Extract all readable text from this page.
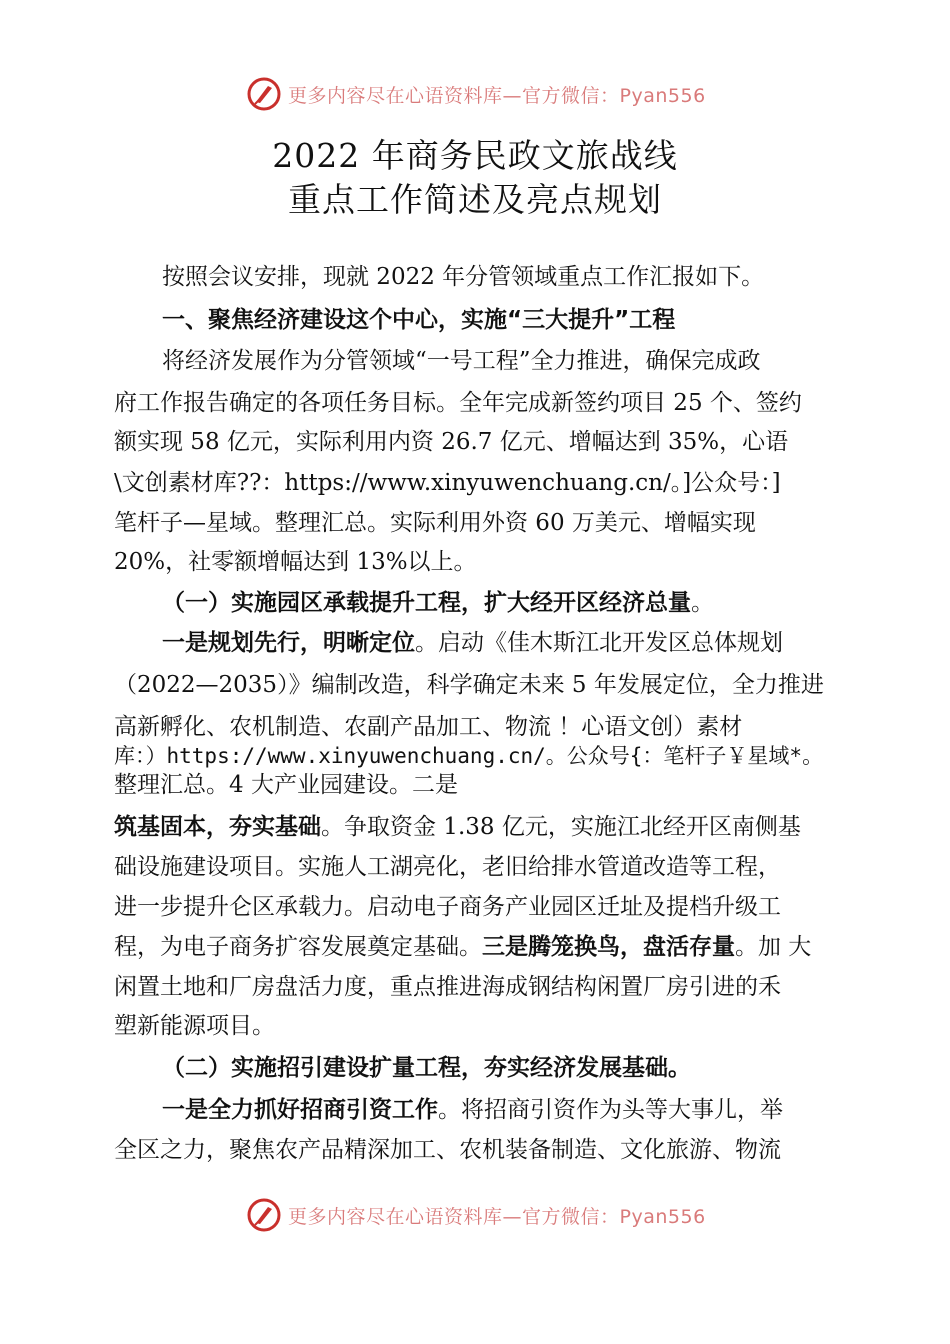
更多内容尽在心语资料库—官方微信：Pyan556
2022 年商务民政文旅战线
重点工作简述及亮点规划
按照会议安排，现就 2022 年分管领域重点工作汇报如下。
一、聚焦经济建设这个中心，实施“三大提升”工程
将经济发展作为分管领域“一号工程”全力推进，确保完成政
府工作报告确定的各项任务目标。全年完成新签约项目 25 个、签约
额实现 58 亿元，实际利用内资 26.7 亿元、增幅达到 35%，心语
\文创素材库??：https://www.xinyuwenchuang.cn/。]公众号：]
笔杆子—星域。整理汇总。实际利用外资 60 万美元、增幅实现
20%，社零额增幅达到 13%以上。
（一）实施园区承载提升工程，扩大经开区经济总量。
一是规划先行，明晰定位。启动《佳木斯江北开发区总体规划
（2022—2035）》编制改造，科学确定未来 5 年发展定位，全力推进
高新孵化、农机制造、农副产品加工、物流 ！心语文创）素材
库：）https://www.xinyuwenchuang.cn/。公众号{：笔杆子￥星域*。
整理汇总。4 大产业园建设。二是
筑基固本，夯实基础。争取资金 1.38 亿元，实施江北经开区南侧基
础设施建设项目。实施人工湖亮化，老旧给排水管道改造等工程，
进一步提升仑区承载力。启动电子商务产业园区迁址及提档升级工
程，为电子商务扩容发展奠定基础。三是腾笼换鸟，盘活存量。加 大
闲置土地和厂房盘活力度，重点推进海成钢结构闲置厂房引进的禾
塑新能源项目。
（二）实施招引建设扩量工程，夯实经济发展基础。
一是全力抓好招商引资工作。将招商引资作为头等大事儿，举
全区之力，聚焦农产品精深加工、农机装备制造、文化旅游、物流
更多内容尽在心语资料库—官方微信：Pyan556
